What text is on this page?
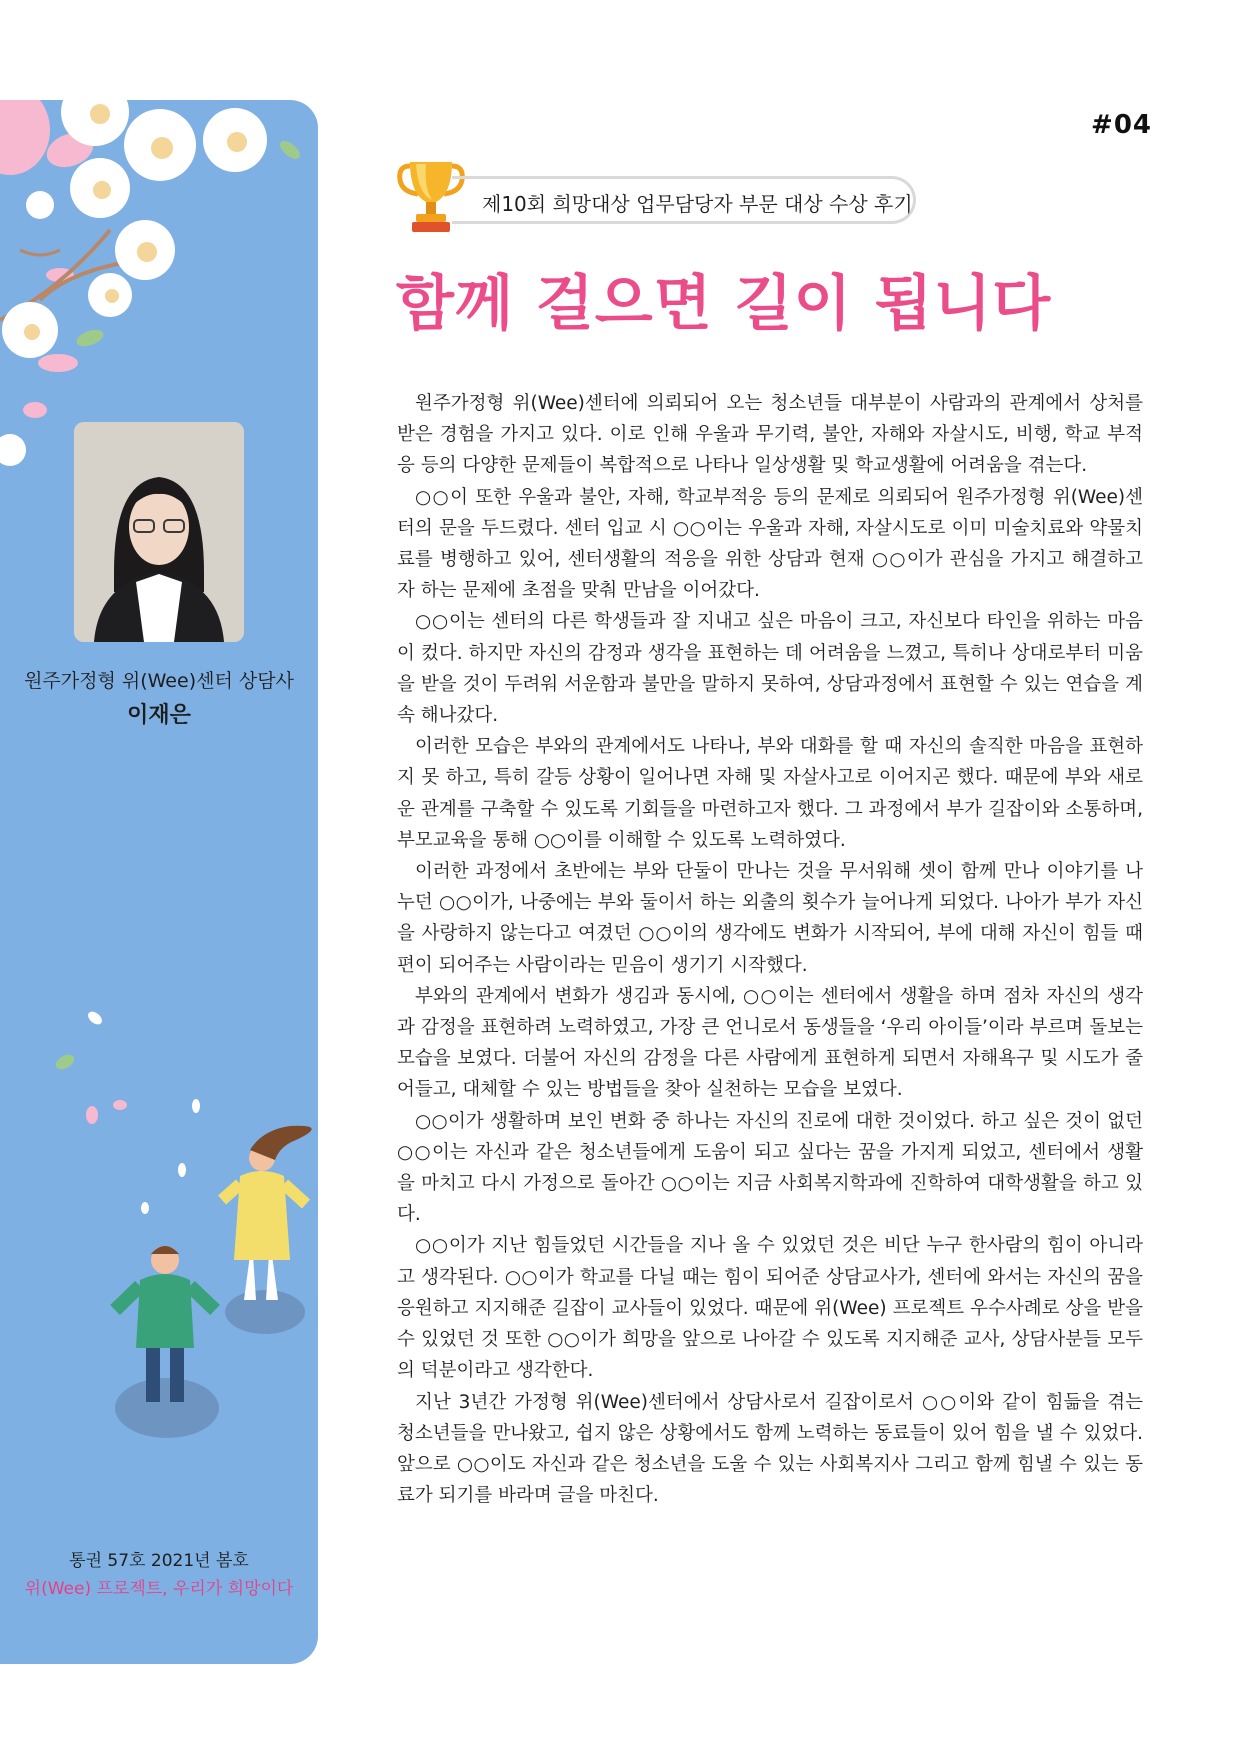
원주가정형 위(Wee)센터 상담사
이재은
통권 57호 2021년 봄호
위(Wee) 프로젝트, 우리가 희망이다
#04
제10회 희망대상 업무담당자 부문 대상 수상 후기
함께 걸으면 길이 됩니다

원주가정형 위(Wee)센터에 의뢰되어 오는 청소년들 대부분이 사람과의 관계에서 상처를 받은 경험을 가지고 있다. 이로 인해 우울과 무기력, 불안, 자해와 자살시도, 비행, 학교 부적응 등의 다양한 문제들이 복합적으로 나타나 일상생활 및 학교생활에 어려움을 겪는다.

○○이 또한 우울과 불안, 자해, 학교부적응 등의 문제로 의뢰되어 원주가정형 위(Wee)센터의 문을 두드렸다. 센터 입교 시 ○○이는 우울과 자해, 자살시도로 이미 미술치료와 약물치료를 병행하고 있어, 센터생활의 적응을 위한 상담과 현재 ○○이가 관심을 가지고 해결하고자 하는 문제에 초점을 맞춰 만남을 이어갔다.

○○이는 센터의 다른 학생들과 잘 지내고 싶은 마음이 크고, 자신보다 타인을 위하는 마음이 컸다. 하지만 자신의 감정과 생각을 표현하는 데 어려움을 느꼈고, 특히나 상대로부터 미움을 받을 것이 두려워 서운함과 불만을 말하지 못하여, 상담과정에서 표현할 수 있는 연습을 계속 해나갔다.

이러한 모습은 부와의 관계에서도 나타나, 부와 대화를 할 때 자신의 솔직한 마음을 표현하지 못 하고, 특히 갈등 상황이 일어나면 자해 및 자살사고로 이어지곤 했다. 때문에 부와 새로운 관계를 구축할 수 있도록 기회들을 마련하고자 했다. 그 과정에서 부가 길잡이와 소통하며, 부모교육을 통해 ○○이를 이해할 수 있도록 노력하였다.

이러한 과정에서 초반에는 부와 단둘이 만나는 것을 무서워해 셋이 함께 만나 이야기를 나누던 ○○이가, 나중에는 부와 둘이서 하는 외출의 횟수가 늘어나게 되었다. 나아가 부가 자신을 사랑하지 않는다고 여겼던 ○○이의 생각에도 변화가 시작되어, 부에 대해 자신이 힘들 때 편이 되어주는 사람이라는 믿음이 생기기 시작했다.

부와의 관계에서 변화가 생김과 동시에, ○○이는 센터에서 생활을 하며 점차 자신의 생각과 감정을 표현하려 노력하였고, 가장 큰 언니로서 동생들을 ‘우리 아이들’이라 부르며 돌보는 모습을 보였다. 더불어 자신의 감정을 다른 사람에게 표현하게 되면서 자해욕구 및 시도가 줄어들고, 대체할 수 있는 방법들을 찾아 실천하는 모습을 보였다.

○○이가 생활하며 보인 변화 중 하나는 자신의 진로에 대한 것이었다. 하고 싶은 것이 없던 ○○이는 자신과 같은 청소년들에게 도움이 되고 싶다는 꿈을 가지게 되었고, 센터에서 생활을 마치고 다시 가정으로 돌아간 ○○이는 지금 사회복지학과에 진학하여 대학생활을 하고 있다.

○○이가 지난 힘들었던 시간들을 지나 올 수 있었던 것은 비단 누구 한사람의 힘이 아니라고 생각된다. ○○이가 학교를 다닐 때는 힘이 되어준 상담교사가, 센터에 와서는 자신의 꿈을 응원하고 지지해준 길잡이 교사들이 있었다. 때문에 위(Wee) 프로젝트 우수사례로 상을 받을 수 있었던 것 또한 ○○이가 희망을 앞으로 나아갈 수 있도록 지지해준 교사, 상담사분들 모두의 덕분이라고 생각한다.

지난 3년간 가정형 위(Wee)센터에서 상담사로서 길잡이로서 ○○이와 같이 힘듦을 겪는 청소년들을 만나왔고, 쉽지 않은 상황에서도 함께 노력하는 동료들이 있어 힘을 낼 수 있었다. 앞으로 ○○이도 자신과 같은 청소년을 도울 수 있는 사회복지사 그리고 함께 힘낼 수 있는 동료가 되기를 바라며 글을 마친다.
